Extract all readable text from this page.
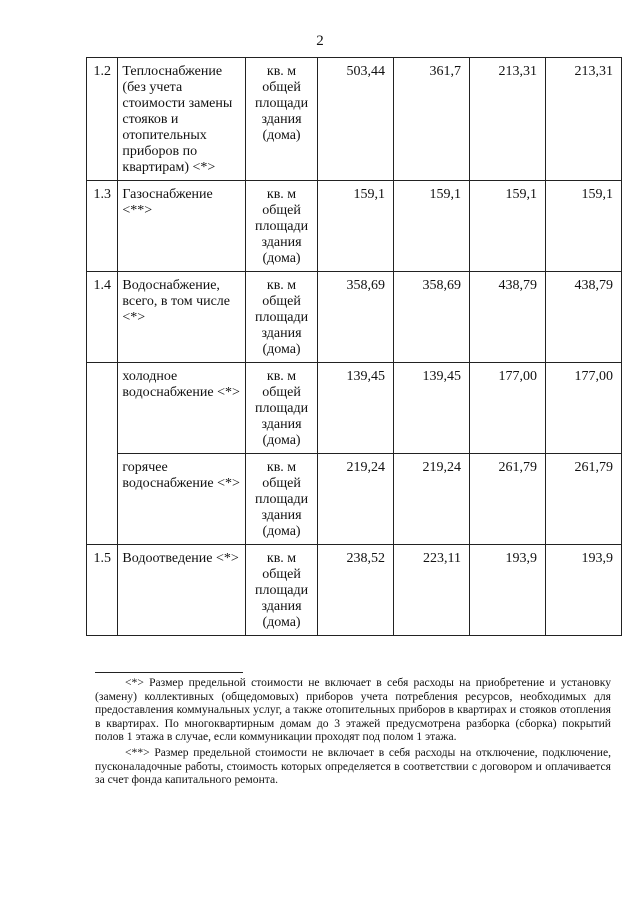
2
1.2	Теплоснабжение (без учета стоимости замены стояков и отопительных приборов по квартирам) <*>	кв. м общей площади здания (дома)	503,44	361,7	213,31	213,31
1.3	Газоснабжение <**>	кв. м общей площади здания (дома)	159,1	159,1	159,1	159,1
1.4	Водоснабжение, всего, в том числе <*>	кв. м общей площади здания (дома)	358,69	358,69	438,79	438,79
	холодное водоснабжение <*>	кв. м общей площади здания (дома)	139,45	139,45	177,00	177,00
	горячее водоснабжение <*>	кв. м общей площади здания (дома)	219,24	219,24	261,79	261,79
1.5	Водоотведение <*>	кв. м общей площади здания (дома)	238,52	223,11	193,9	193,9

<*> Размер предельной стоимости не включает в себя расходы на приобретение и установку (замену) коллективных (общедомовых) приборов учета потребления ресурсов, необходимых для предоставления коммунальных услуг, а также отопительных приборов в квартирах и стояков отопления в квартирах. По многоквартирным домам до 3 этажей предусмотрена разборка (сборка) покрытий полов 1 этажа в случае, если коммуникации проходят под полом 1 этажа.

<**> Размер предельной стоимости не включает в себя расходы на отключение, подключение, пусконаладочные работы, стоимость которых определяется в соответствии с договором и оплачивается за счет фонда капитального ремонта.
